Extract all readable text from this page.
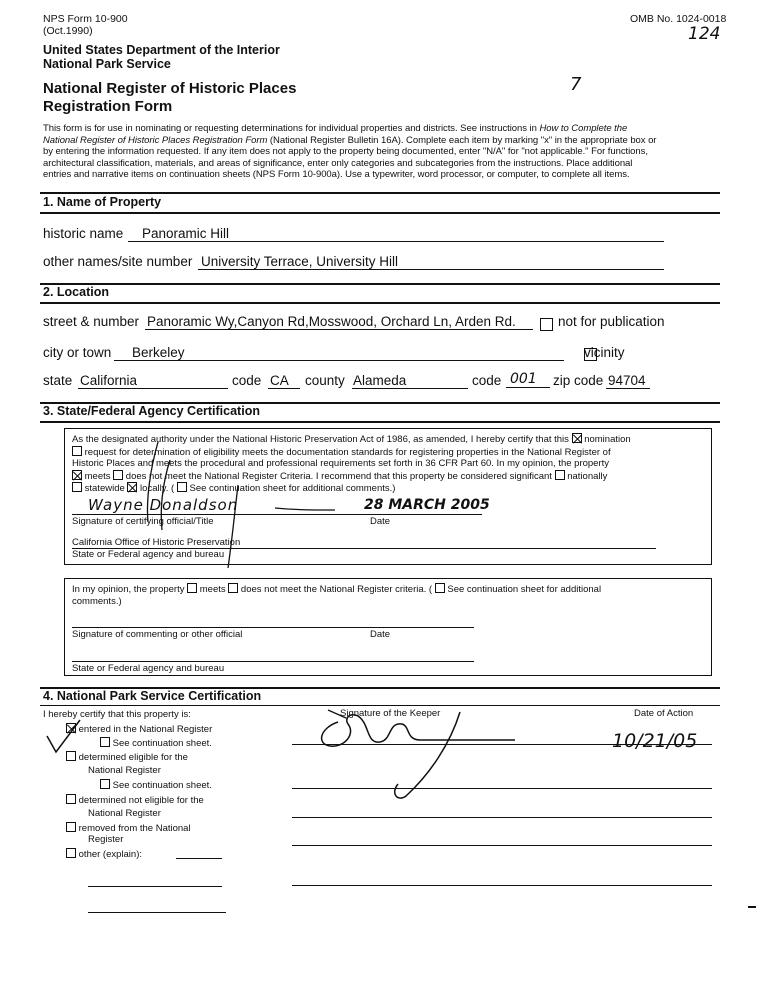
NPS Form 10-900
(Oct.1990)
OMB No. 1024-0018
124
United States Department of the Interior
National Park Service
National Register of Historic Places
Registration Form
7
This form is for use in nominating or requesting determinations for individual properties and districts. See instructions in How to Complete the
National Register of Historic Places Registration Form (National Register Bulletin 16A). Complete each item by marking "x" in the appropriate box or
by entering the information requested. If any item does not apply to the property being documented, enter "N/A" for "not applicable." For functions,
architectural classification, materials, and areas of significance, enter only categories and subcategories from the instructions. Place additional
entries and narrative items on continuation sheets (NPS Form 10-900a). Use a typewriter, word processor, or computer, to complete all items.
1. Name of Property
historic name	Panoramic Hill
other names/site number University Terrace, University Hill
2. Location
street & number Panoramic Wy,Canyon Rd,Mosswood, Orchard Ln, Arden Rd.
	not for publication
city or town	Berkeley	vicinity
state California	code CA	county Alameda	code 001	zip code 94704
3. State/Federal Agency Certification
As the designated authority under the National Historic Preservation Act of 1986, as amended, I hereby certify that this  nomination
request for determination of eligibility meets the documentation standards for registering properties in the National Register of
Historic Places and meets the procedural and professional requirements set forth in 36 CFR Part 60. In my opinion, the property
meets  does not meet the National Register Criteria. I recommend that this property be considered significant  nationally
statewide  locally. (  See continuation sheet for additional comments.)
Wayne Donaldson	28 MARCH 2005
Signature of certifying official/Title	Date
California Office of Historic Preservation
State or Federal agency and bureau
In my opinion, the property  meets  does not meet the National Register criteria. (  See continuation sheet for additional
comments.)
Signature of commenting or other official	Date
State or Federal agency and bureau
4. National Park Service Certification
I hereby certify that this property is:
entered in the National Register
See continuation sheet.
determined eligible for the
National Register
See continuation sheet.
determined not eligible for the
National Register
removed from the National
Register
other (explain):
Signature of the Keeper	Date of Action
10/21/05
